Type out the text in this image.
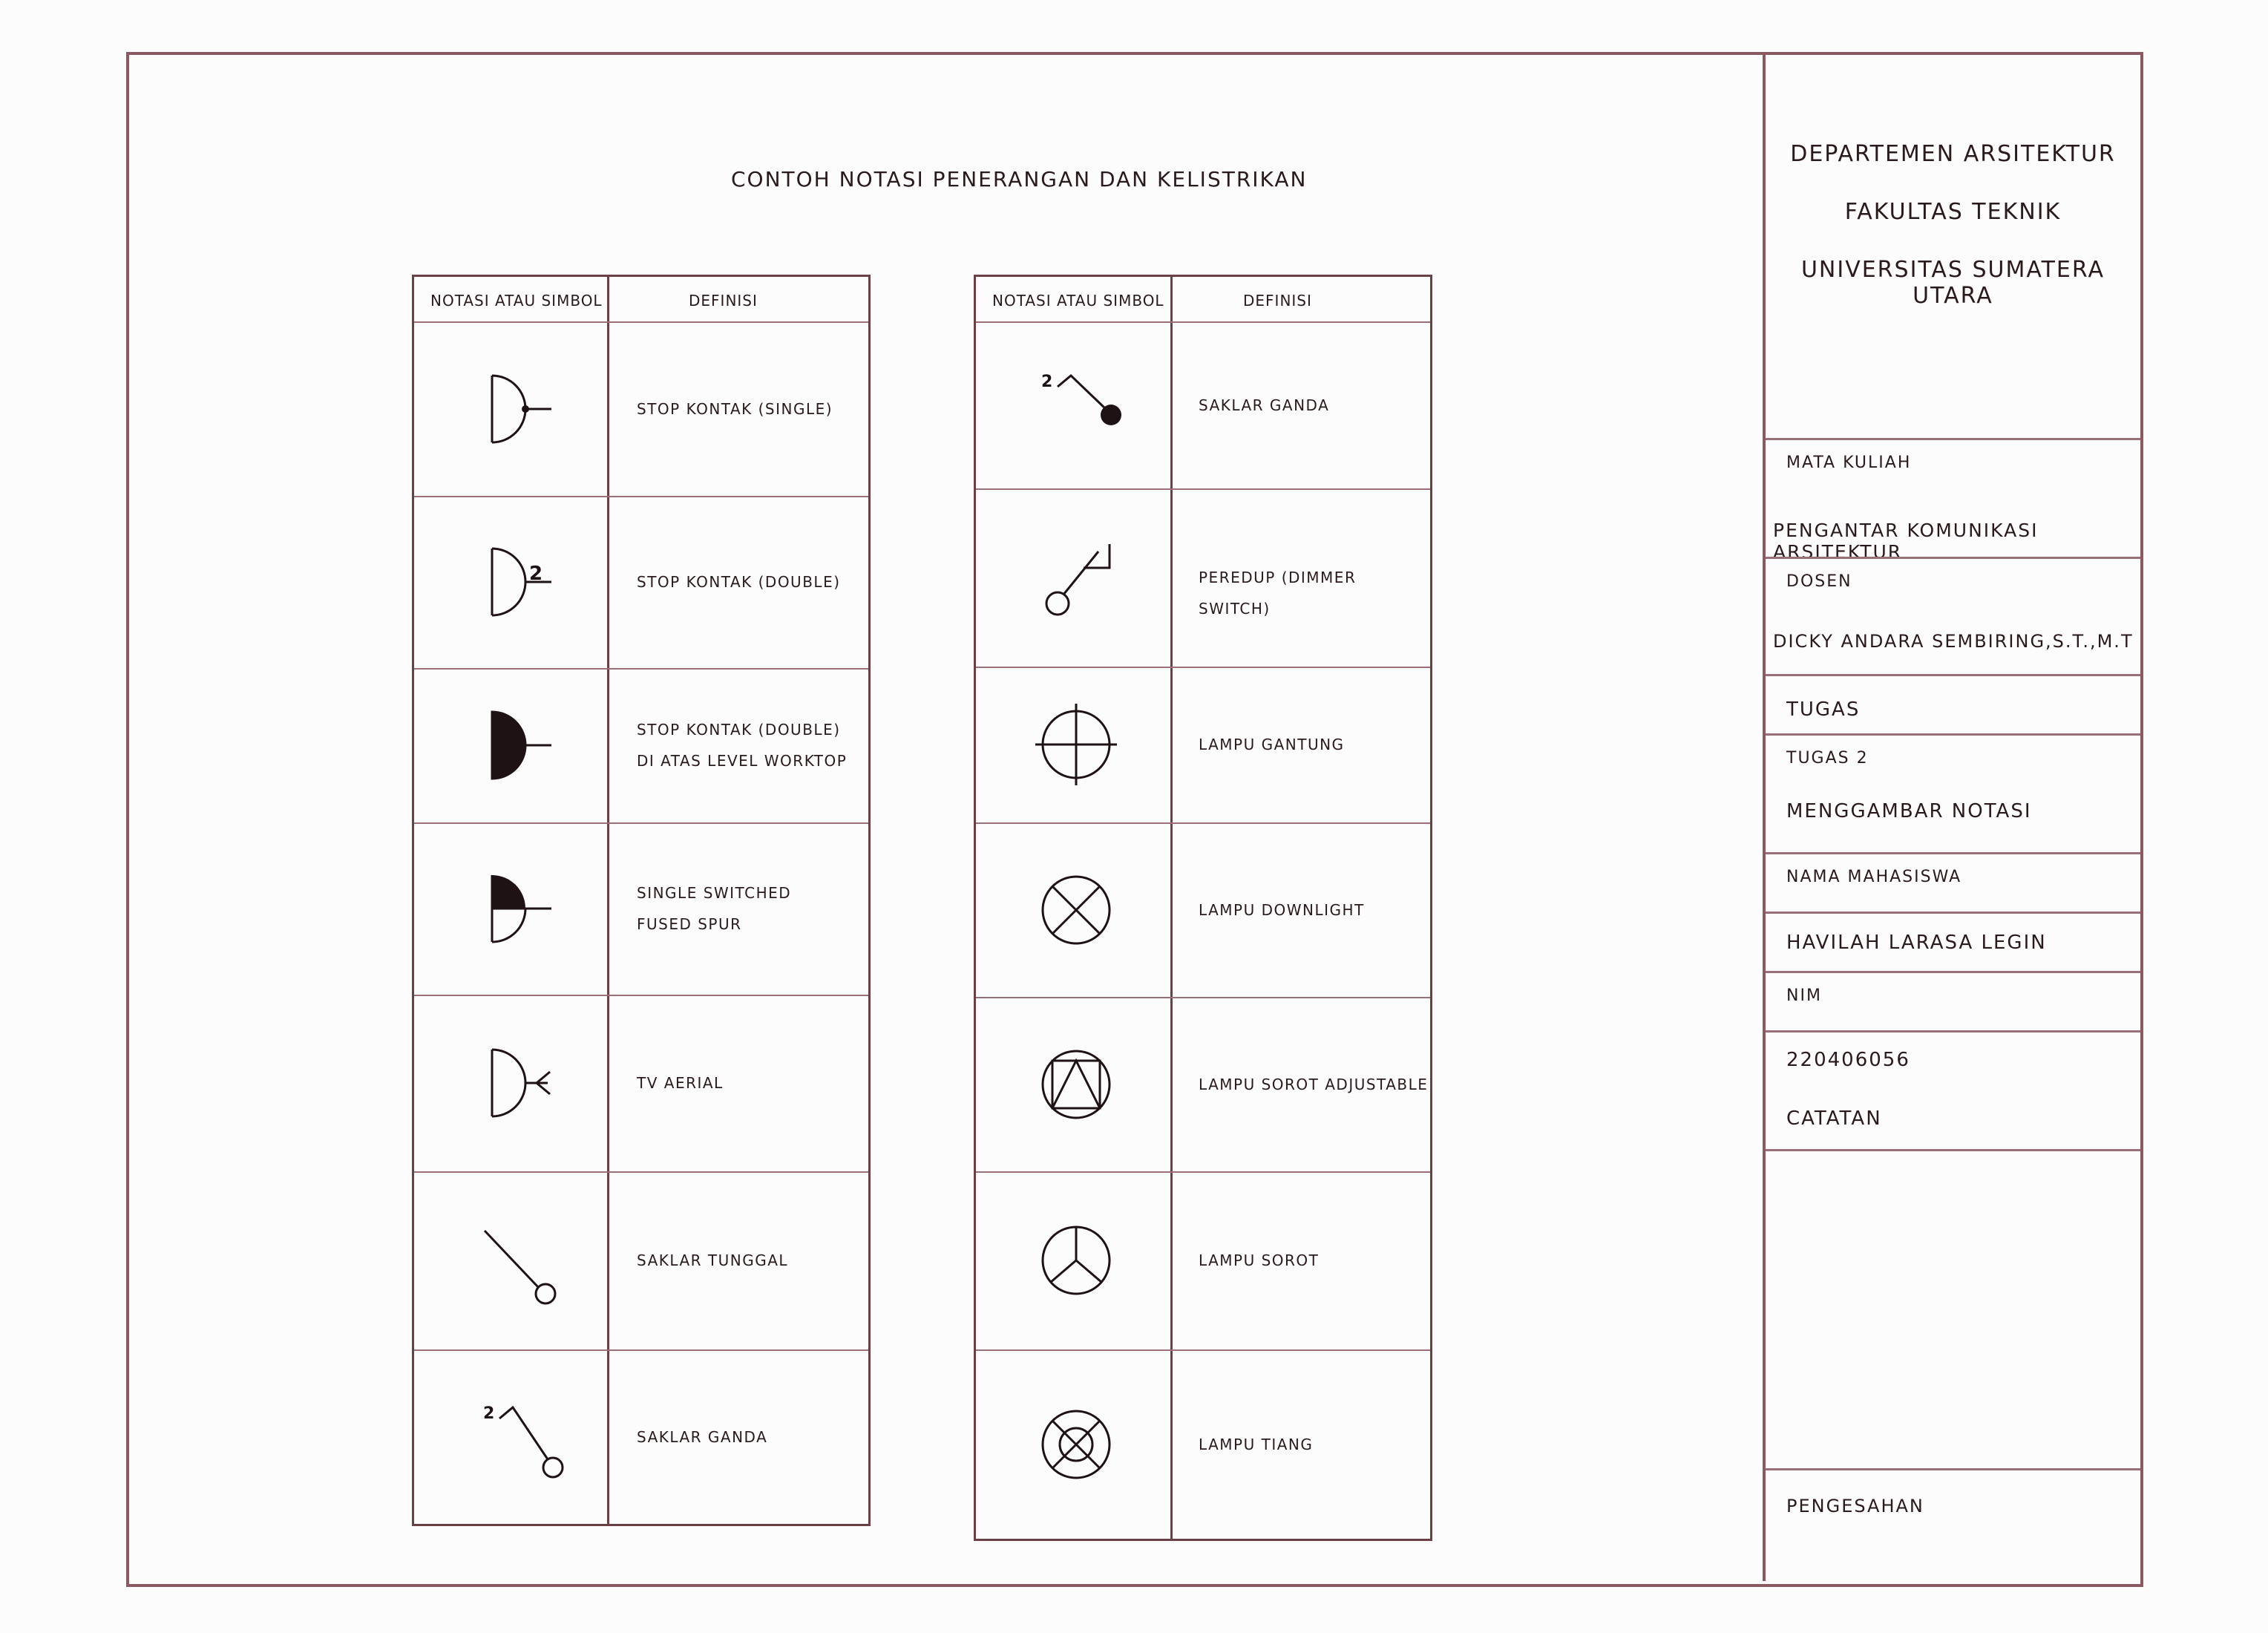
CONTOH NOTASI PENERANGAN DAN KELISTRIKAN
NOTASI ATAU SIMBOL	DEFINISI
STOP KONTAK (SINGLE)
2	STOP KONTAK (DOUBLE)
STOP KONTAK (DOUBLE)
DI ATAS LEVEL WORKTOP
SINGLE SWITCHED
FUSED SPUR
TV AERIAL
SAKLAR TUNGGAL
2
SAKLAR GANDA
NOTASI ATAU SIMBOL	DEFINISI
2
SAKLAR GANDA
PEREDUP (DIMMER SWITCH)
LAMPU GANTUNG
LAMPU DOWNLIGHT
LAMPU SOROT ADJUSTABLE
LAMPU SOROT
LAMPU TIANG
DEPARTEMEN ARSITEKTUR
FAKULTAS TEKNIK
UNIVERSITAS SUMATERA UTARA
MATA KULIAH
PENGANTAR KOMUNIKASI ARSITEKTUR
DOSEN
DICKY ANDARA SEMBIRING,S.T.,M.T
TUGAS
TUGAS 2
MENGGAMBAR NOTASI
NAMA MAHASISWA
HAVILAH LARASA LEGIN
NIM
220406056
CATATAN
PENGESAHAN
